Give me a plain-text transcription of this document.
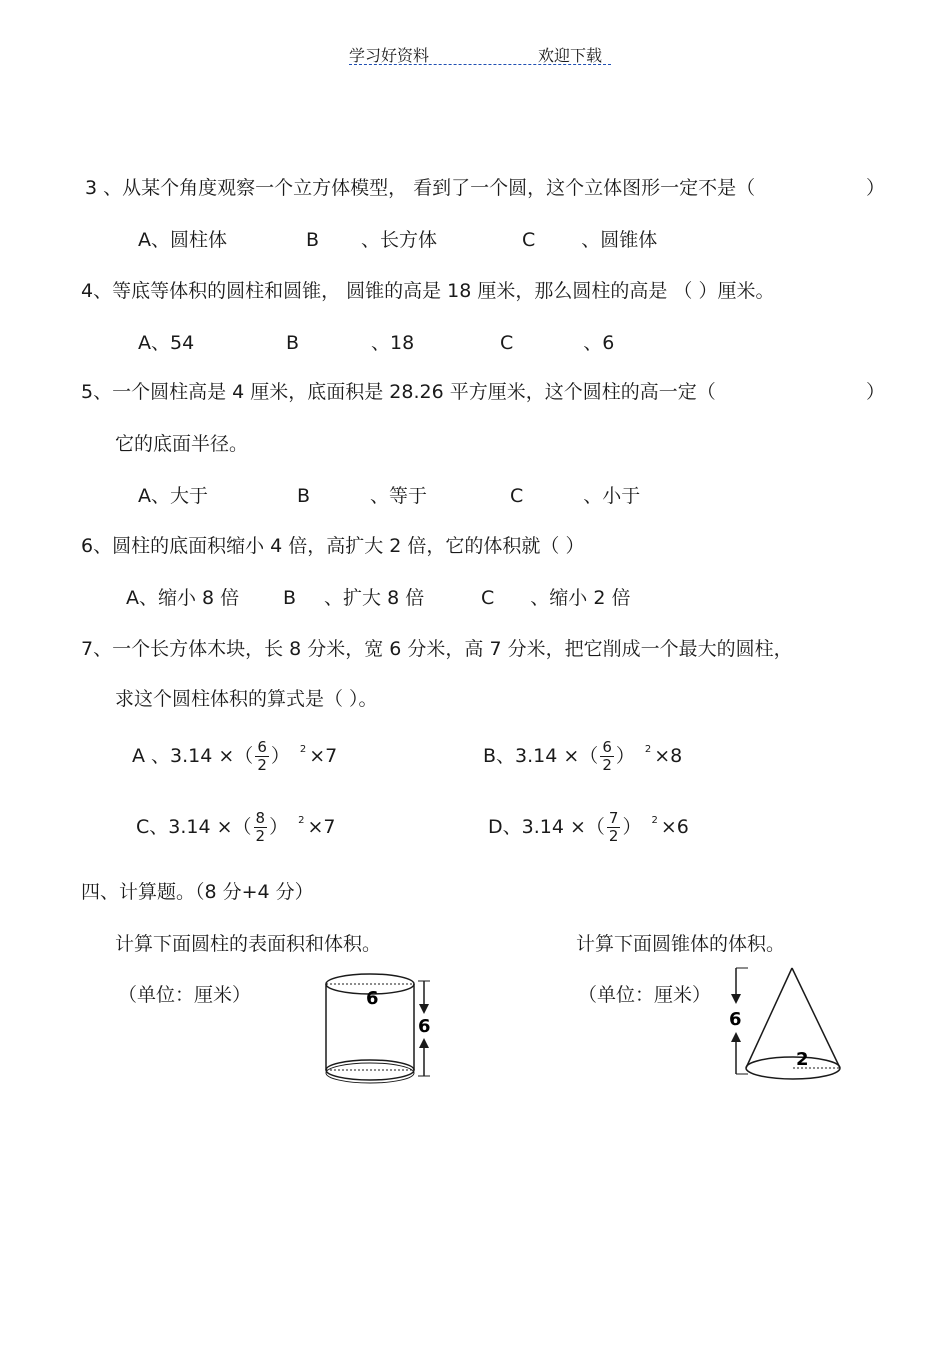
学习好资料	欢迎下载
3 、从某个角度观察一个立方体模型， 看到了一个圆，这个立体图形一定不是（	）
A、圆柱体	B 、长方体	C 、圆锥体
4、等底等体积的圆柱和圆锥， 圆锥的高是 18 厘米，那么圆柱的高是 （ ）厘米。
A、54	B	、18	C	、6
5、一个圆柱高是 4 厘米，底面积是 28.26 平方厘米，这个圆柱的高一定（	）
它的底面半径。
A、大于	B	、等于	C	、小于
6、圆柱的底面积缩小 4 倍，高扩大 2 倍，它的体积就（ ）
A、缩小 8 倍 B 、扩大 8 倍	C 、缩小 2 倍
7、一个长方体木块，长 8 分米，宽 6 分米，高 7 分米，把它削成一个最大的圆柱，
求这个圆柱体积的算式是（ ）。
A 、3.14 ×（ $\frac{6}{2}$ ） $^2$ ×7	B、3.14 ×（ $\frac{6}{2}$ ） $^2$ ×8
C、3.14 ×（ $\frac{8}{2}$ ） $^2$ ×7	D、3.14 ×（ $\frac{7}{2}$ ） $^2$ ×6
四、计算题。（8 分+4 分）
计算下面圆柱的表面积和体积。	计算下面圆锥体的体积。
（单位：厘米）	（单位：厘米）
6
6	6
2
